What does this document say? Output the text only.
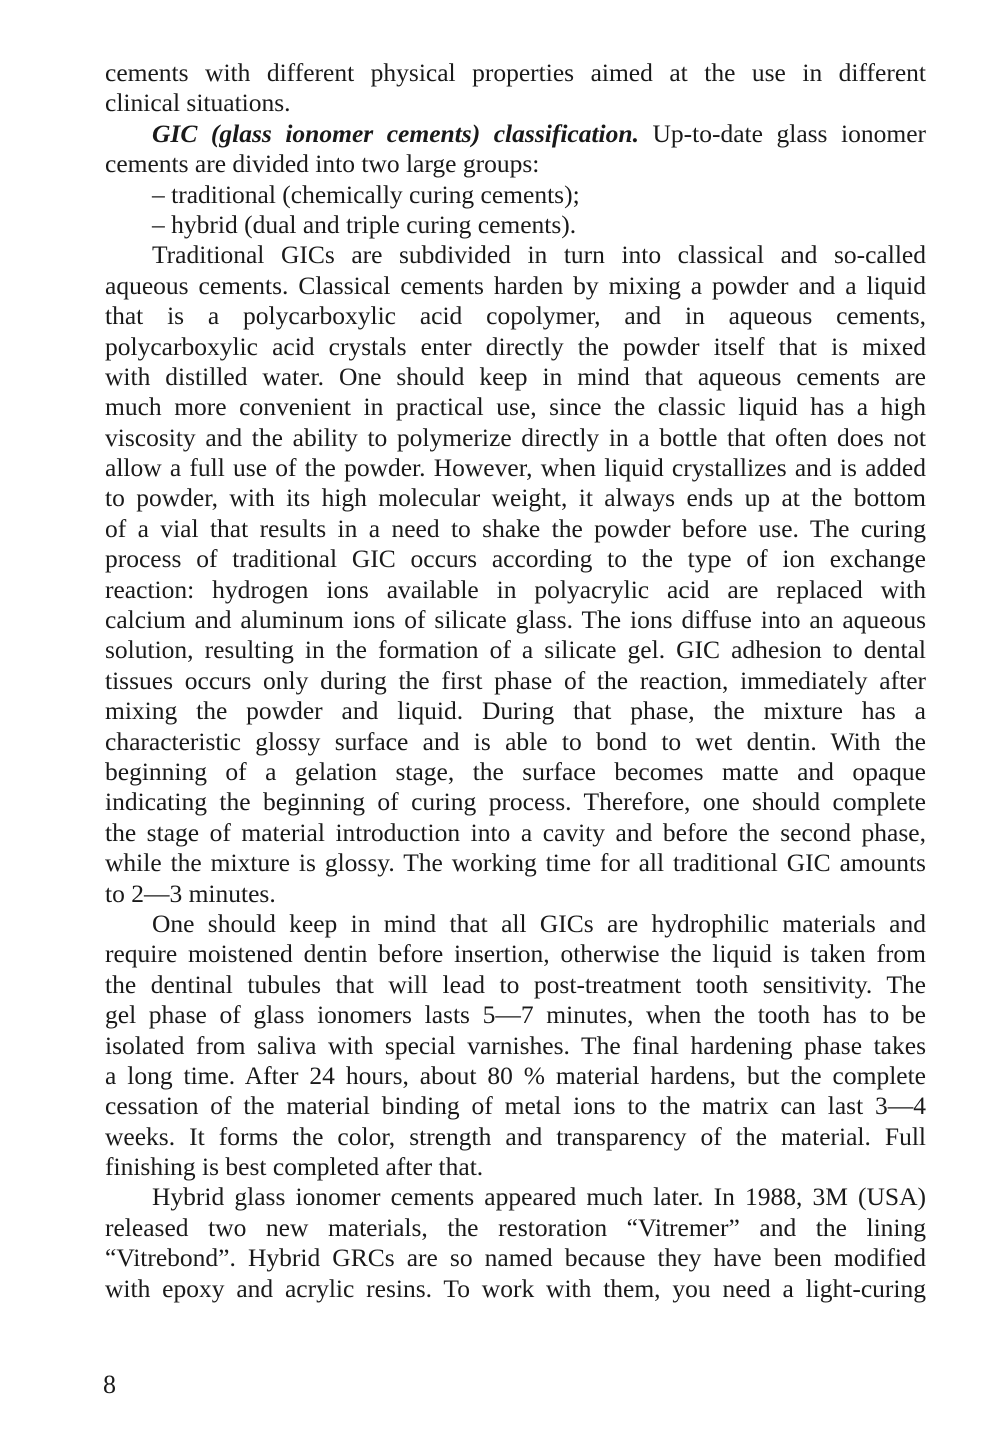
cements with different physical properties aimed at the use in different
clinical situations.
GIC (glass ionomer cements) classification. Up-to-date glass ionomer
cements are divided into two large groups:
– traditional (chemically curing cements);
– hybrid (dual and triple curing cements).
Traditional GICs are subdivided in turn into classical and so-called
aqueous cements. Classical cements harden by mixing a powder and a liquid
that is a polycarboxylic acid copolymer, and in aqueous cements,
polycarboxylic acid crystals enter directly the powder itself that is mixed
with distilled water. One should keep in mind that aqueous cements are
much more convenient in practical use, since the classic liquid has a high
viscosity and the ability to polymerize directly in a bottle that often does not
allow a full use of the powder. However, when liquid crystallizes and is added
to powder, with its high molecular weight, it always ends up at the bottom
of a vial that results in a need to shake the powder before use. The curing
process of traditional GIC occurs according to the type of ion exchange
reaction: hydrogen ions available in polyacrylic acid are replaced with
calcium and aluminum ions of silicate glass. The ions diffuse into an aqueous
solution, resulting in the formation of a silicate gel. GIC adhesion to dental
tissues occurs only during the first phase of the reaction, immediately after
mixing the powder and liquid. During that phase, the mixture has a
characteristic glossy surface and is able to bond to wet dentin. With the
beginning of a gelation stage, the surface becomes matte and opaque
indicating the beginning of curing process. Therefore, one should complete
the stage of material introduction into a cavity and before the second phase,
while the mixture is glossy. The working time for all traditional GIC amounts
to 2—3 minutes.
One should keep in mind that all GICs are hydrophilic materials and
require moistened dentin before insertion, otherwise the liquid is taken from
the dentinal tubules that will lead to post-treatment tooth sensitivity. The
gel phase of glass ionomers lasts 5—7 minutes, when the tooth has to be
isolated from saliva with special varnishes. The final hardening phase takes
a long time. After 24 hours, about 80 % material hardens, but the complete
cessation of the material binding of metal ions to the matrix can last 3—4
weeks. It forms the color, strength and transparency of the material. Full
finishing is best completed after that.
Hybrid glass ionomer cements appeared much later. In 1988, 3M (USA)
released two new materials, the restoration “Vitremer” and the lining
“Vitrebond”. Hybrid GRCs are so named because they have been modified
with epoxy and acrylic resins. To work with them, you need a light-curing
8
